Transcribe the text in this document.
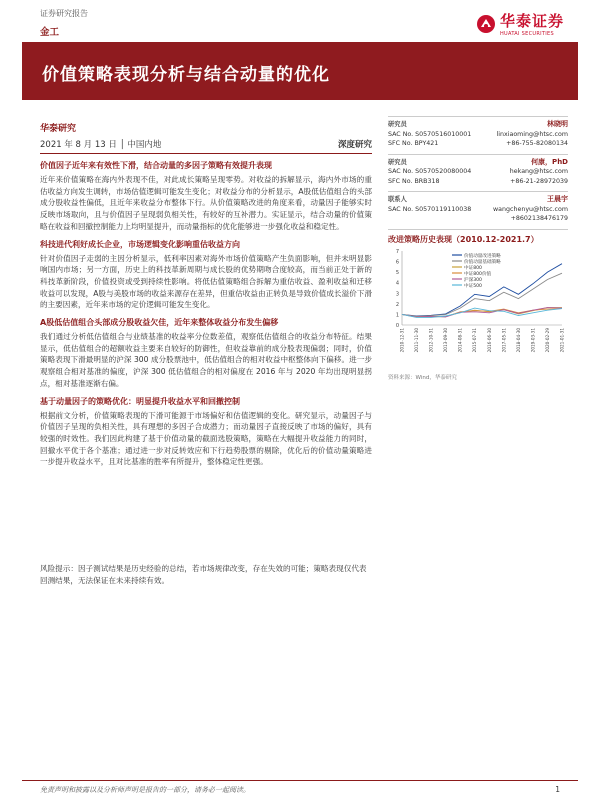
证券研究报告	华泰证券
HUATAI SECURITIES
金工
价值策略表现分析与结合动量的优化
华泰研究
2021 年 8 月 13 日 │ 中国内地	深度研究
价值因子近年来有效性下滑，结合动量的多因子策略有效提升表现
近年来价值策略在海内外表现不佳，对此成长策略呈现零势。对收益的拆解显示，海内外市场的重估收益方向发生调转，市场估值逻辑可能发生变化；对收益分布的分析显示，A股低估值组合的头部成分股收益性偏低，且近年来收益分布整体下行。从价值策略改进的角度来看，动量因子能够实时反映市场取向，且与价值因子呈现弱负相关性，有较好的互补潜力。实证显示，结合动量的价值策略在收益和回撤控制能力上均明显提升，而动量指标的优化能够进一步强化收益和稳定性。
科技进代利好成长企业，市场逻辑变化影响重估收益方向
针对价值因子走弱的主因分析显示，低利率因素对海外市场价值策略产生负面影响，但并未明显影响国内市场；另一方面，历史上的科技革新周期与成长股的优势期吻合度较高，而当前正处于新的科技革新阶段，价值投资或受到持续性影响。将低估值策略组合拆解为重估收益、盈利收益和迁移收益可以发现，A股与美股市场的收益来源存在差异，但重估收益由正转负是导致价值成长溢价下滑的主要因素，近年来市场的定价逻辑可能发生变化。
A股低估值组合头部成分股收益欠佳，近年来整体收益分布发生偏移
我们通过分析低估值组合与业绩基准的收益率分位数差值，观察低估值组合的收益分布特征。结果显示，低估值组合的超额收益主要来自较好的防御性，但收益靠前的成分股表现偏弱；同时，价值策略表现下滑最明显的沪深 300 成分股票池中，低估值组合的相对收益中枢整体向下偏移。进一步观察组合相对基准的偏度，沪深 300 低估值组合的相对偏度在 2016 年与 2020 年均出现明显拐点，相对基准逐渐右偏。
基于动量因子的策略优化：明显提升收益水平和回撤控制
根据前文分析，价值策略表现的下滑可能源于市场偏好和估值逻辑的变化。研究显示，动量因子与价值因子呈现的负相关性，具有理想的多因子合成潜力；而动量因子直接反映了市场的偏好，具有较强的时效性。我们因此构建了基于价值动量的截面选股策略，策略在大幅提升收益能力的同时，回撤水平优于各个基准；通过进一步对反转效应和下行趋势股票的剔除，优化后的价值动量策略进一步提升收益水平，且对比基准的胜率有所提升，整体稳定性更强。
风险提示：因子测试结果是历史经验的总结，若市场规律改变，存在失效的可能；策略表现仅代表回测结果，无法保证在未来持续有效。
研究员	林晓明
SAC No. S0570516010001	linxiaoming@htsc.com
SFC No. BPY421	+86-755-82080134
研究员	何康，PhD
SAC No. S0570520080004	hekang@htsc.com
SFC No. BRB318	+86-21-28972039
联系人	王晨宇
SAC No. S0570119110038	wangchenyu@htsc.com
+8602138476179
改进策略历史表现（2010.12-2021.7）
0
1
2
3
4
5
6
7
2010-12-31 2011-11-30 2012-10-31 2013-09-30 2014-08-31 2015-07-31 2016-06-30 2017-05-31 2018-04-30 2019-03-31 2020-02-29 2021-01-31
价值动量改进策略
价值动量基础策略
中证800
中证800价值
沪深300
中证500
资料来源：Wind，华泰研究
免责声明和披露以及分析师声明是报告的一部分，请务必一起阅读。	1
